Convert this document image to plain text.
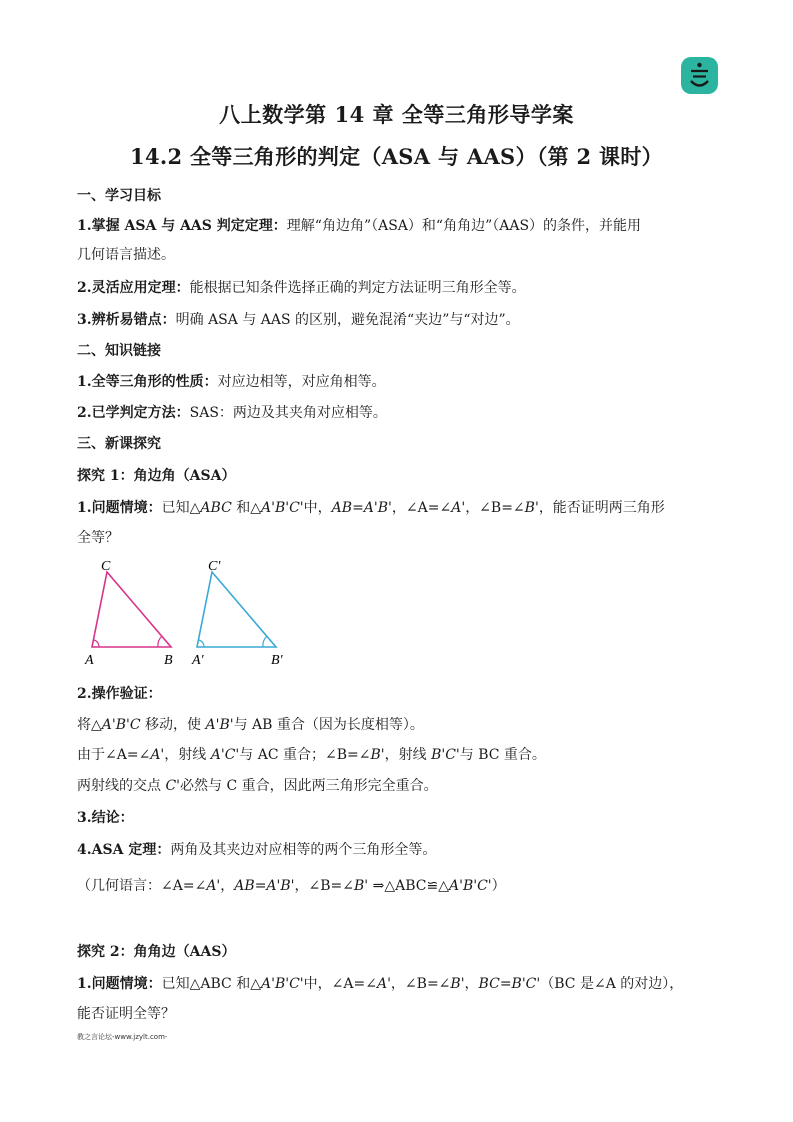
八上数学第 14 章 全等三角形导学案
14.2 全等三角形的判定（ASA 与 AAS）（第 2 课时）
一、学习目标
1.掌握 ASA 与 AAS 判定定理：理解“角边角”（ASA）和“角角边”（AAS）的条件，并能用
几何语言描述。
2.灵活应用定理：能根据已知条件选择正确的判定方法证明三角形全等。
3.辨析易错点：明确 ASA 与 AAS 的区别，避免混淆“夹边”与“对边”。
二、知识链接
1.全等三角形的性质：对应边相等，对应角相等。
2.已学判定方法：SAS：两边及其夹角对应相等。
三、新课探究
探究 1：角边角（ASA）
1.问题情境：已知△ABC 和△A'B'C'中，AB=A'B'，∠A=∠A'，∠B=∠B'，能否证明两三角形
全等？
C
A	B
C′
A′	B′
2.操作验证：
将△A'B'C 移动，使 A'B'与 AB 重合（因为长度相等）。
由于∠A=∠A'，射线 A'C'与 AC 重合；∠B=∠B'，射线 B'C'与 BC 重合。
两射线的交点 C'必然与 C 重合，因此两三角形完全重合。
3.结论：
4.ASA 定理：两角及其夹边对应相等的两个三角形全等。
（几何语言：∠A=∠A'，AB=A'B'，∠B=∠B' ⇒△ABC≌△A'B'C'）
探究 2：角角边（AAS）
1.问题情境：已知△ABC 和△A'B'C'中，∠A=∠A'，∠B=∠B'，BC=B'C'（BC 是∠A 的对边），
能否证明全等？
教之言论坛-www.jzylt.com-
